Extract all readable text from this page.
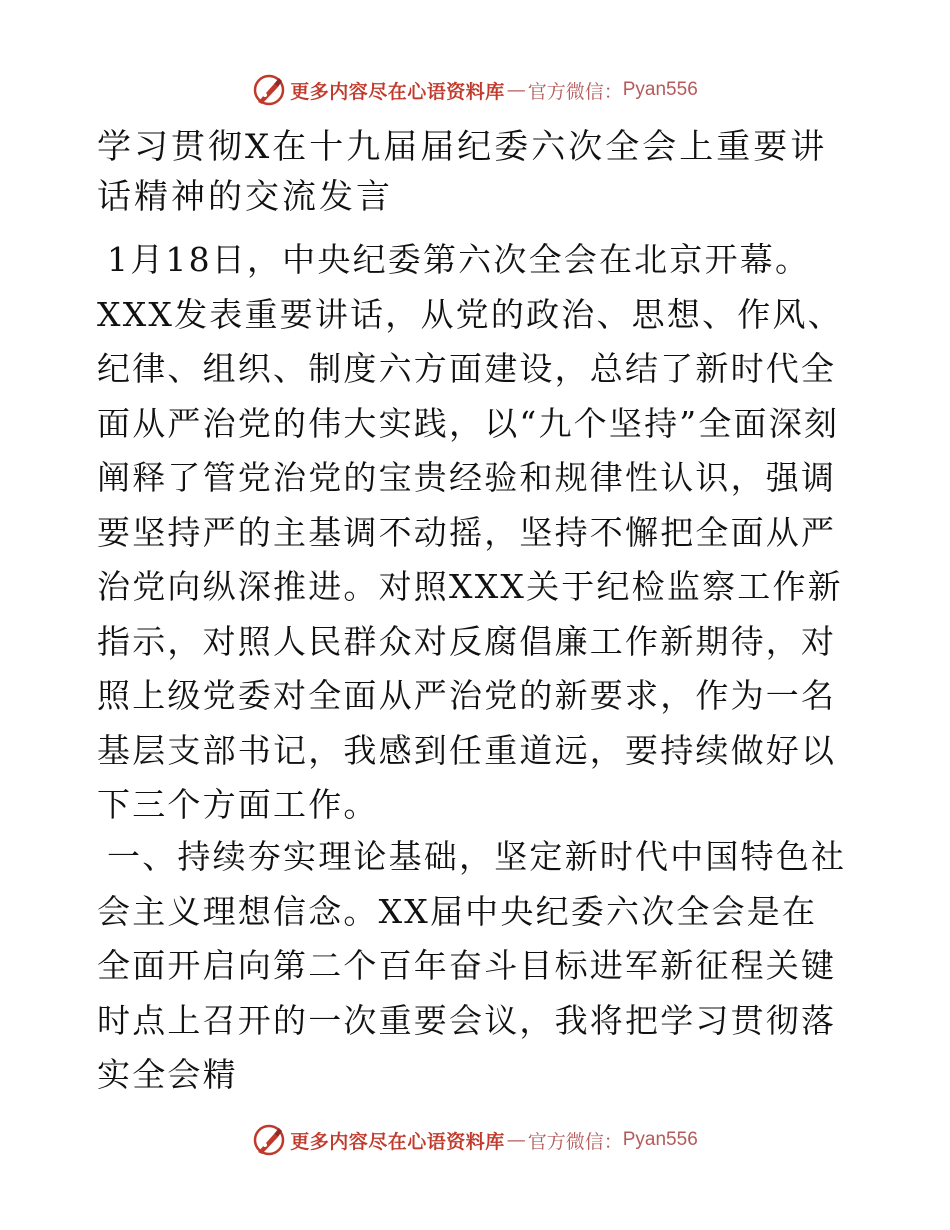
更多内容尽在心语资料库 — 官方微信： Pyan556
学习贯彻X在十九届届纪委六次全会上重要讲话精神的交流发言

1月18日，中央纪委第六次全会在北京开幕。XXX发表重要讲话，从党的政治、思想、作风、纪律、组织、制度六方面建设，总结了新时代全面从严治党的伟大实践，以“九个坚持”全面深刻阐释了管党治党的宝贵经验和规律性认识，强调要坚持严的主基调不动摇，坚持不懈把全面从严治党向纵深推进。对照XXX关于纪检监察工作新指示，对照人民群众对反腐倡廉工作新期待，对照上级党委对全面从严治党的新要求，作为一名基层支部书记，我感到任重道远，要持续做好以下三个方面工作。

一、持续夯实理论基础，坚定新时代中国特色社会主义理想信念。XX届中央纪委六次全会是在全面开启向第二个百年奋斗目标进军新征程关键时点上召开的一次重要会议，我将把学习贯彻落实全会精

更多内容尽在心语资料库 — 官方微信： Pyan556
